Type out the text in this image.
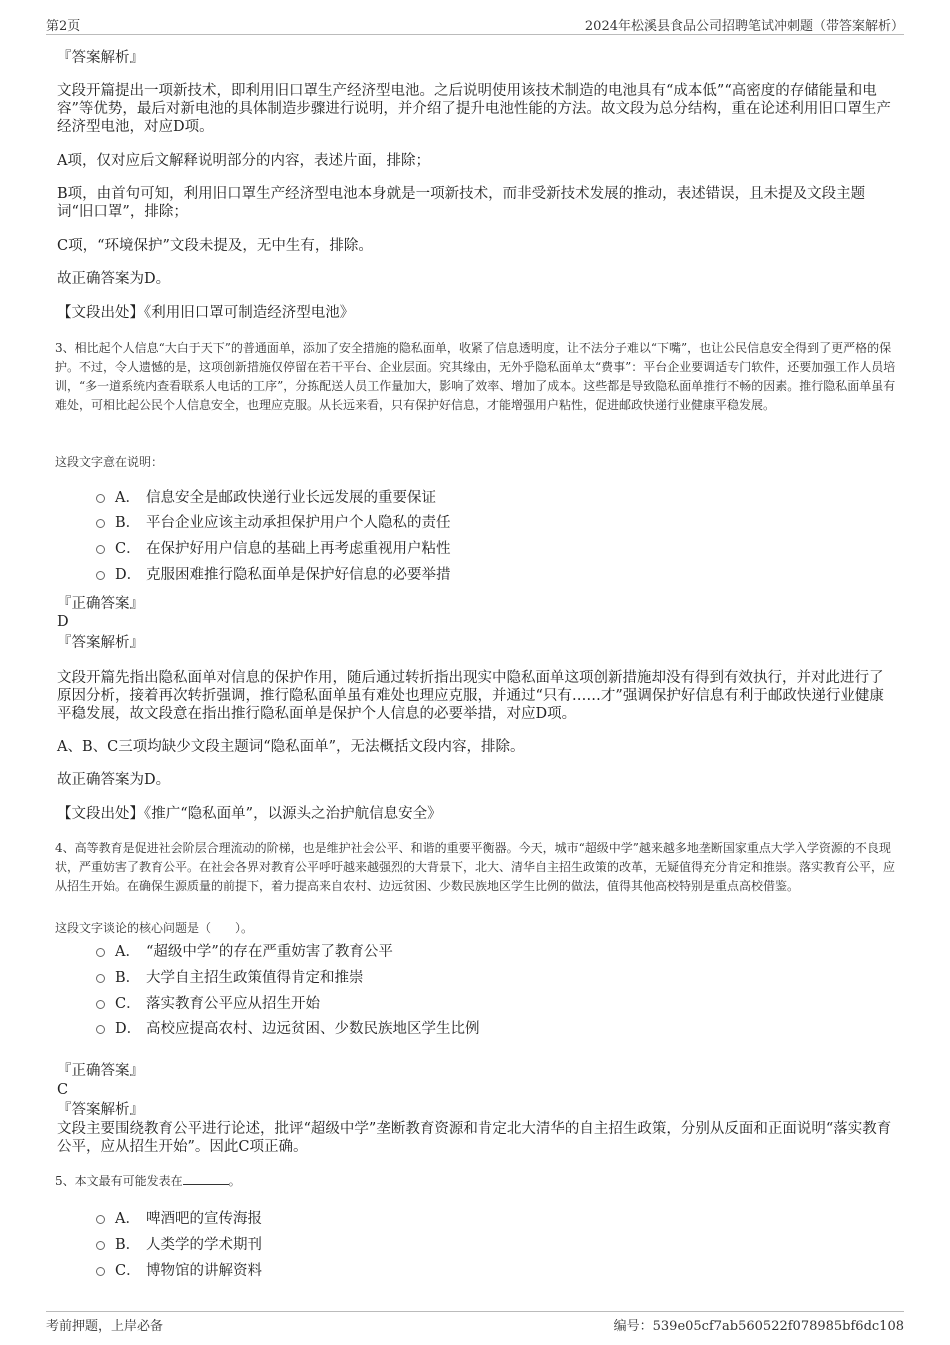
第2页	2024年松溪县食品公司招聘笔试冲刺题（带答案解析）
『答案解析』
文段开篇提出一项新技术，即利用旧口罩生产经济型电池。之后说明使用该技术制造的电池具有“成本低”“高密度的存储能量和电容”等优势，最后对新电池的具体制造步骤进行说明，并介绍了提升电池性能的方法。故文段为总分结构，重在论述利用旧口罩生产经济型电池，对应D项。
A项，仅对应后文解释说明部分的内容，表述片面，排除；
B项，由首句可知，利用旧口罩生产经济型电池本身就是一项新技术，而非受新技术发展的推动，表述错误，且未提及文段主题词“旧口罩”，排除；
C项，“环境保护”文段未提及，无中生有，排除。
故正确答案为D。
【文段出处】《利用旧口罩可制造经济型电池》
3、相比起个人信息“大白于天下”的普通面单，添加了安全措施的隐私面单，收紧了信息透明度，让不法分子难以“下嘴”，也让公民信息安全得到了更严格的保护。不过，令人遗憾的是，这项创新措施仅停留在若干平台、企业层面。究其缘由，无外乎隐私面单太“费事”：平台企业要调适专门软件，还要加强工作人员培训，“多一道系统内查看联系人电话的工序”，分拣配送人员工作量加大，影响了效率、增加了成本。这些都是导致隐私面单推行不畅的因素。推行隐私面单虽有难处，可相比起公民个人信息安全，也理应克服。从长远来看，只有保护好信息，才能增强用户粘性，促进邮政快递行业健康平稳发展。
这段文字意在说明：
A． 信息安全是邮政快递行业长远发展的重要保证
B． 平台企业应该主动承担保护用户个人隐私的责任
C． 在保护好用户信息的基础上再考虑重视用户粘性
D． 克服困难推行隐私面单是保护好信息的必要举措
『正确答案』
D
『答案解析』
文段开篇先指出隐私面单对信息的保护作用，随后通过转折指出现实中隐私面单这项创新措施却没有得到有效执行，并对此进行了原因分析，接着再次转折强调，推行隐私面单虽有难处也理应克服，并通过“只有……才”强调保护好信息有利于邮政快递行业健康平稳发展，故文段意在指出推行隐私面单是保护个人信息的必要举措，对应D项。
A、B、C三项均缺少文段主题词“隐私面单”，无法概括文段内容，排除。
故正确答案为D。
【文段出处】《推广“隐私面单”，以源头之治护航信息安全》
4、高等教育是促进社会阶层合理流动的阶梯，也是维护社会公平、和谐的重要平衡器。今天，城市“超级中学”越来越多地垄断国家重点大学入学资源的不良现状，严重妨害了教育公平。在社会各界对教育公平呼吁越来越强烈的大背景下，北大、清华自主招生政策的改革，无疑值得充分肯定和推崇。落实教育公平，应从招生开始。在确保生源质量的前提下，着力提高来自农村、边远贫困、少数民族地区学生比例的做法，值得其他高校特别是重点高校借鉴。
这段文字谈论的核心问题是（　　）。
A． “超级中学”的存在严重妨害了教育公平
B． 大学自主招生政策值得肯定和推崇
C． 落实教育公平应从招生开始
D． 高校应提高农村、边远贫困、少数民族地区学生比例
『正确答案』
C
『答案解析』
文段主要围绕教育公平进行论述，批评“超级中学”垄断教育资源和肯定北大清华的自主招生政策，分别从反面和正面说明“落实教育公平，应从招生开始”。因此C项正确。
5、本文最有可能发表在	。
A． 啤酒吧的宣传海报
B． 人类学的学术期刊
C． 博物馆的讲解资料
考前押题，上岸必备	编号：539e05cf7ab560522f078985bf6dc108
